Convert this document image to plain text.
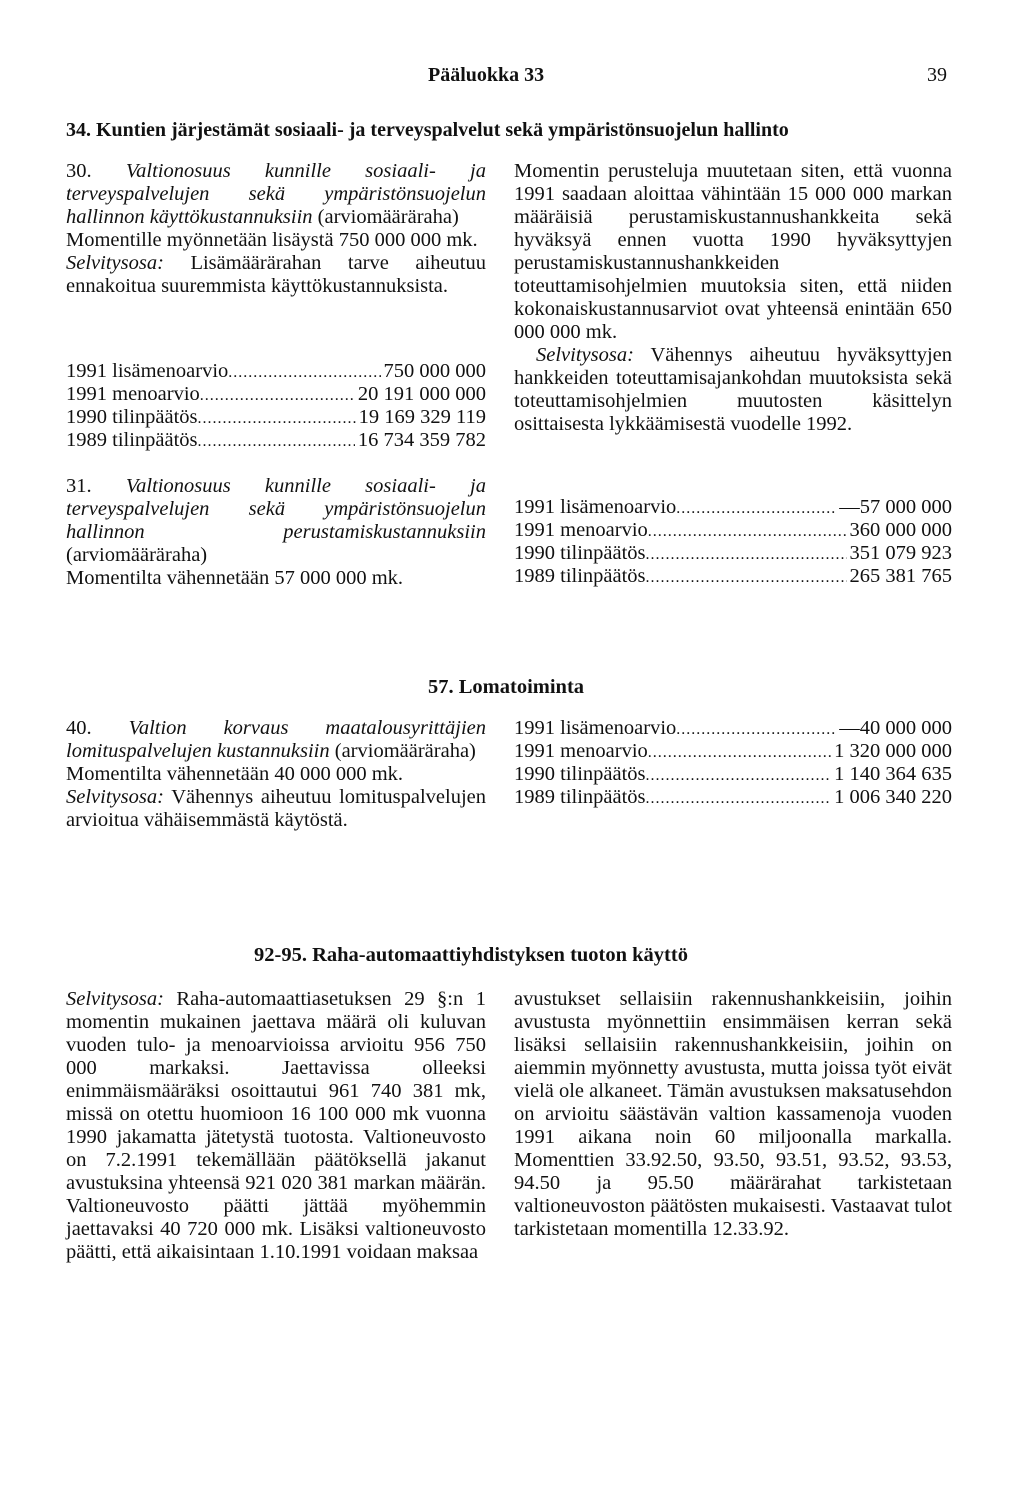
Pääluokka 33	39
34. Kuntien järjestämät sosiaali- ja terveyspalvelut sekä ympäristönsuojelun hallinto

30. Valtionosuus kunnille sosiaali- ja terveyspalvelujen sekä ympäristönsuojelun hallinnon käyttökustannuksiin (arviomääräraha)

Momentille myönnetään lisäystä 750 000 000 mk.

Selvitysosa: Lisämäärärahan tarve aiheutuu ennakoitua suuremmista käyttökustannuksista.

1991 lisämenoarvio .....	750 000 000
1991 menoarvio .....	20 191 000 000
1990 tilinpäätös .....	19 169 329 119
1989 tilinpäätös .....	16 734 359 782

31. Valtionosuus kunnille sosiaali- ja terveyspalvelujen sekä ympäristönsuojelun hallinnon perustamiskustannuksiin (arviomääräraha)

Momentilta vähennetään 57 000 000 mk.

Momentin perusteluja muutetaan siten, että vuonna 1991 saadaan aloittaa vähintään 15 000 000 markan määräisiä perustamiskustannushankkeita sekä hyväksyä ennen vuotta 1990 hyväksyttyjen perustamiskustannushankkeiden toteuttamisohjelmien muutoksia siten, että niiden kokonaiskustannusarviot ovat yhteensä enintään 650 000 000 mk.

Selvitysosa: Vähennys aiheutuu hyväksyttyjen hankkeiden toteuttamisajankohdan muutoksista sekä toteuttamisohjelmien muutosten käsittelyn osittaisesta lykkäämisestä vuodelle 1992.

1991 lisämenoarvio .....	—57 000 000
1991 menoarvio .....	360 000 000
1990 tilinpäätös .....	351 079 923
1989 tilinpäätös .....	265 381 765
57. Lomatoiminta

40. Valtion korvaus maatalousyrittäjien lomituspalvelujen kustannuksiin (arviomääräraha)

Momentilta vähennetään 40 000 000 mk.

Selvitysosa: Vähennys aiheutuu lomituspalvelujen arvioitua vähäisemmästä käytöstä.

1991 lisämenoarvio .....	—40 000 000
1991 menoarvio .....	1 320 000 000
1990 tilinpäätös .....	1 140 364 635
1989 tilinpäätös .....	1 006 340 220
92-95. Raha-automaattiyhdistyksen tuoton käyttö

Selvitysosa: Raha-automaattiasetuksen 29 §:n 1 momentin mukainen jaettava määrä oli kuluvan vuoden tulo- ja menoarvioissa arvioitu 956 750 000 markaksi. Jaettavissa olleeksi enimmäismääräksi osoittautui 961 740 381 mk, missä on otettu huomioon 16 100 000 mk vuonna 1990 jakamatta jätetystä tuotosta. Valtioneuvosto on 7.2.1991 tekemällään päätöksellä jakanut avustuksina yhteensä 921 020 381 markan määrän. Valtioneuvosto päätti jättää myöhemmin jaettavaksi 40 720 000 mk. Lisäksi valtioneuvosto päätti, että aikaisintaan 1.10.1991 voidaan maksaa

avustukset sellaisiin rakennushankkeisiin, joihin avustusta myönnettiin ensimmäisen kerran sekä lisäksi sellaisiin rakennushankkeisiin, joihin on aiemmin myönnetty avustusta, mutta joissa työt eivät vielä ole alkaneet. Tämän avustuksen maksatusehdon on arvioitu säästävän valtion kassamenoja vuoden 1991 aikana noin 60 miljoonalla markalla. Momenttien 33.92.50, 93.50, 93.51, 93.52, 93.53, 94.50 ja 95.50 määrärahat tarkistetaan valtioneuvoston päätösten mukaisesti. Vastaavat tulot tarkistetaan momentilla 12.33.92.
